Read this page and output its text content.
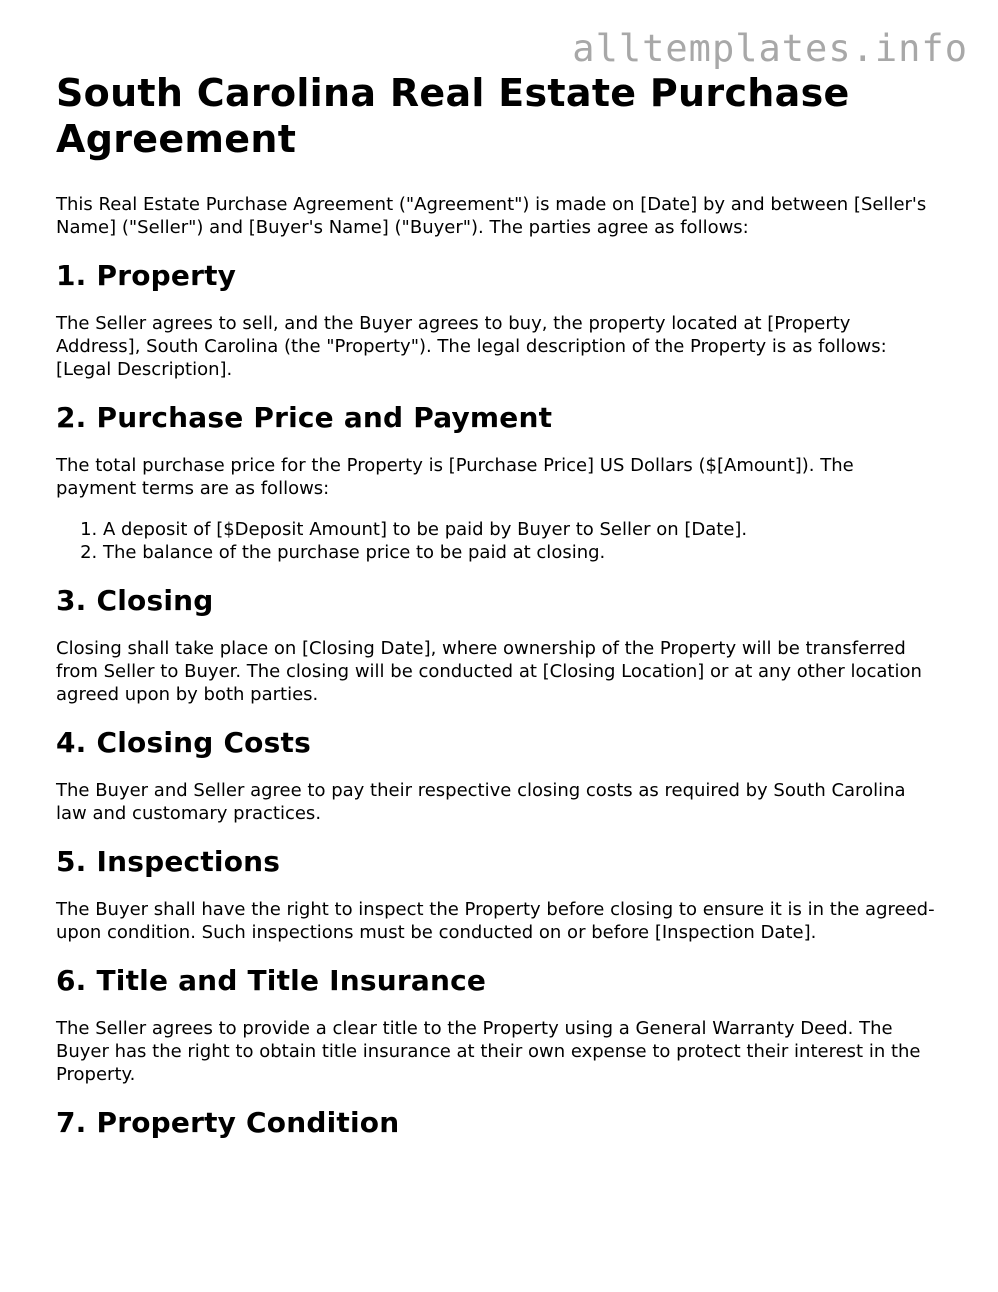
alltemplates.info
South Carolina Real Estate Purchase Agreement

This Real Estate Purchase Agreement ("Agreement") is made on [Date] by and between [Seller's Name] ("Seller") and [Buyer's Name] ("Buyer"). The parties agree as follows:

1. Property

The Seller agrees to sell, and the Buyer agrees to buy, the property located at [Property Address], South Carolina (the "Property"). The legal description of the Property is as follows: [Legal Description].

2. Purchase Price and Payment

The total purchase price for the Property is [Purchase Price] US Dollars ($[Amount]). The payment terms are as follows:

1. A deposit of [$Deposit Amount] to be paid by Buyer to Seller on [Date].
2. The balance of the purchase price to be paid at closing.
3. Closing

Closing shall take place on [Closing Date], where ownership of the Property will be transferred from Seller to Buyer. The closing will be conducted at [Closing Location] or at any other location agreed upon by both parties.

4. Closing Costs

The Buyer and Seller agree to pay their respective closing costs as required by South Carolina law and customary practices.

5. Inspections

The Buyer shall have the right to inspect the Property before closing to ensure it is in the agreed-upon condition. Such inspections must be conducted on or before [Inspection Date].

6. Title and Title Insurance

The Seller agrees to provide a clear title to the Property using a General Warranty Deed. The Buyer has the right to obtain title insurance at their own expense to protect their interest in the Property.

7. Property Condition
